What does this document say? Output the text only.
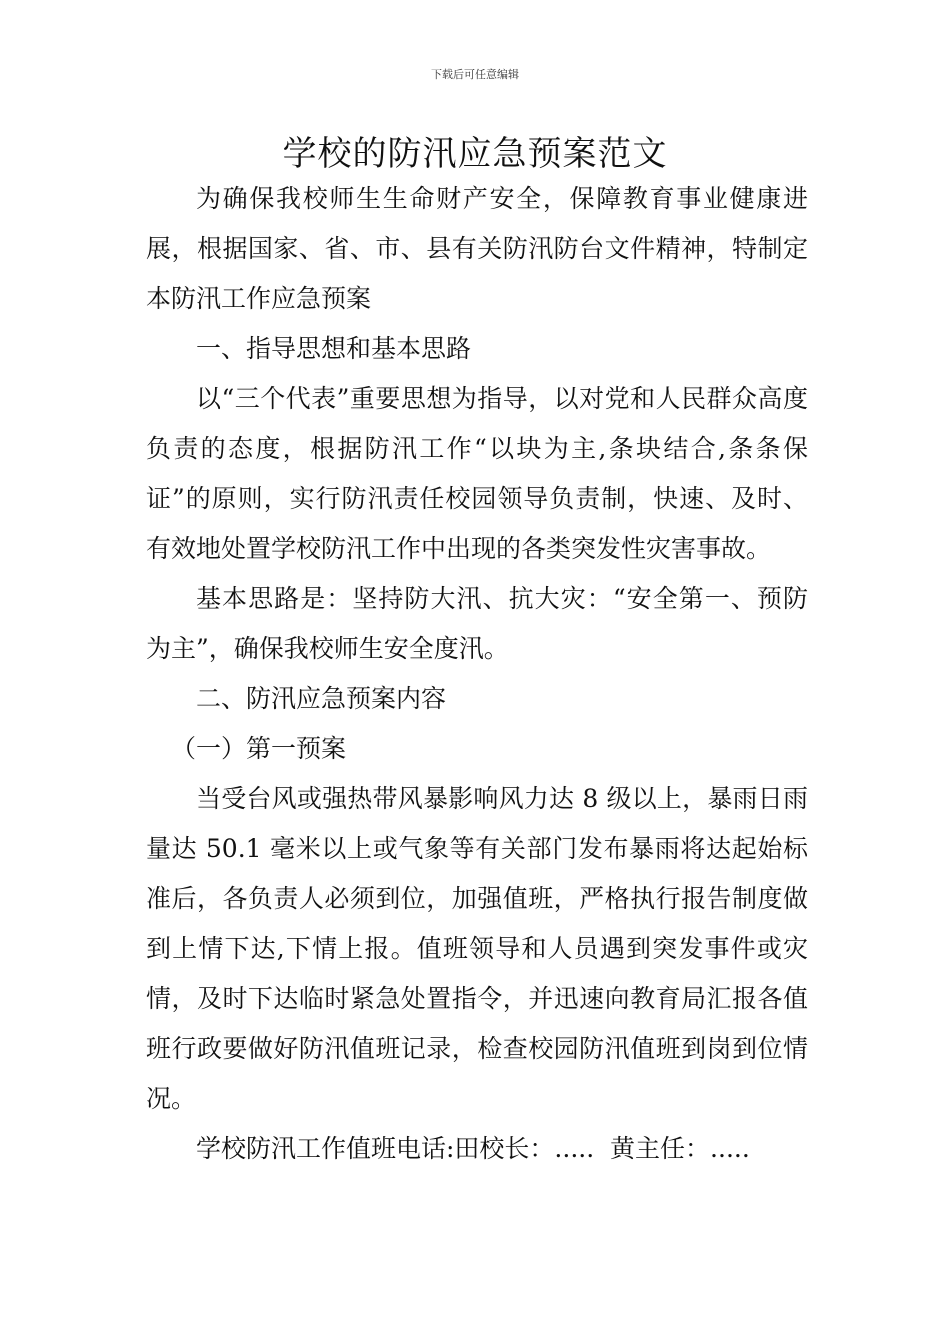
下载后可任意编辑
学校的防汛应急预案范文

为确保我校师生生命财产安全，保障教育事业健康进展，根据国家、省、市、县有关防汛防台文件精神，特制定本防汛工作应急预案

一、指导思想和基本思路

以“三个代表”重要思想为指导，以对党和人民群众高度负责的态度，根据防汛工作“以块为主,条块结合,条条保证”的原则，实行防汛责任校园领导负责制，快速、及时、有效地处置学校防汛工作中出现的各类突发性灾害事故。

基本思路是：坚持防大汛、抗大灾：“安全第一、预防为主”，确保我校师生安全度汛。

二、防汛应急预案内容

（一）第一预案

当受台风或强热带风暴影响风力达 8 级以上，暴雨日雨量达 50.1 毫米以上或气象等有关部门发布暴雨将达起始标准后，各负责人必须到位，加强值班，严格执行报告制度做到上情下达,下情上报。值班领导和人员遇到突发事件或灾情，及时下达临时紧急处置指令，并迅速向教育局汇报各值班行政要做好防汛值班记录，检查校园防汛值班到岗到位情况。

学校防汛工作值班电话:田校长：.....  黄主任：.....
